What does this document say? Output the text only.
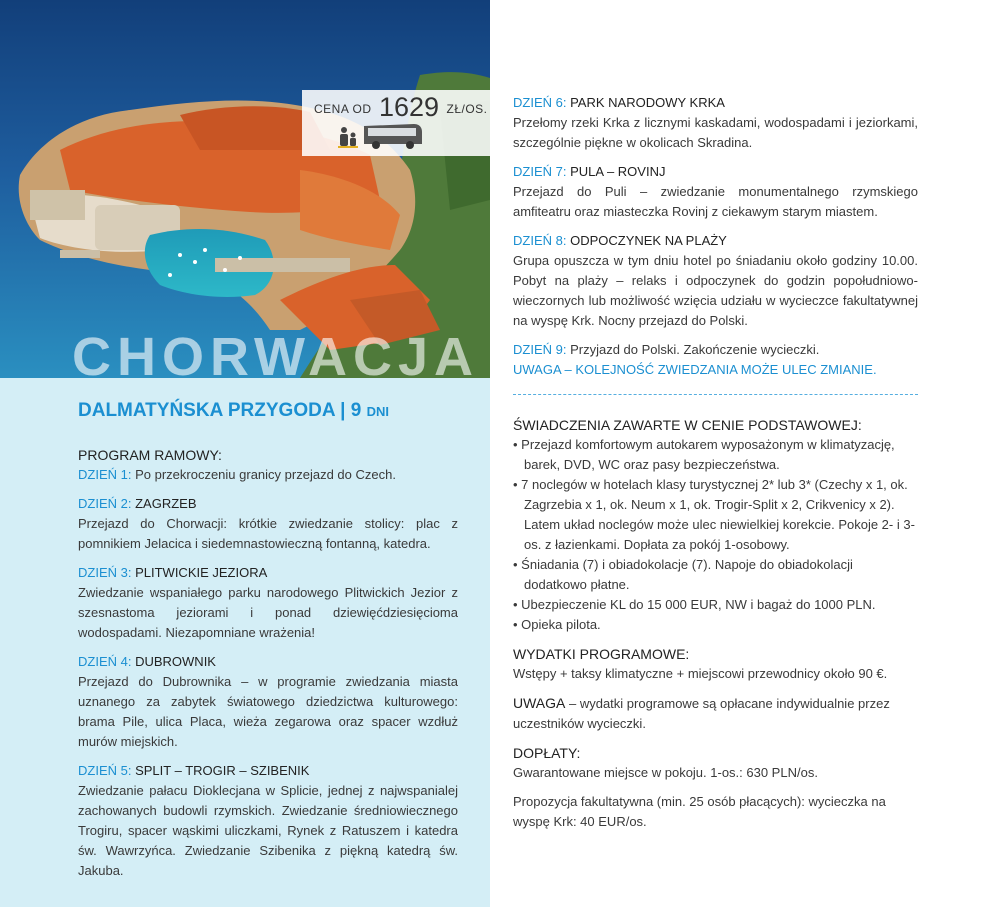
CENA OD 1629 ZŁ/OS.
CHORWACJA
DALMATYŃSKA PRZYGODA | 9 DNI
PROGRAM RAMOWY:
DZIEŃ 1: Po przekroczeniu granicy przejazd do Czech.
DZIEŃ 2: ZAGRZEB

Przejazd do Chorwacji: krótkie zwiedzanie stolicy: plac z pomnikiem Jelacica i siedemnastowieczną fontanną, katedra.

DZIEŃ 3: PLITWICKIE JEZIORA

Zwiedzanie wspaniałego parku narodowego Plitwickich Jezior z szesnastoma jeziorami i ponad dziewięćdziesięcioma wodospadami. Niezapomniane wrażenia!

DZIEŃ 4: DUBROWNIK

Przejazd do Dubrownika – w programie zwiedzania miasta uznanego za zabytek światowego dziedzictwa kulturowego: brama Pile, ulica Placa, wieża zegarowa oraz spacer wzdłuż murów miejskich.

DZIEŃ 5: SPLIT – TROGIR – SZIBENIK

Zwiedzanie pałacu Dioklecjana w Splicie, jednej z najwspanialej zachowanych budowli rzymskich. Zwiedzanie średniowiecznego Trogiru, spacer wąskimi uliczkami, Rynek z Ratuszem i katedra św. Wawrzyńca. Zwiedzanie Szibenika z piękną katedrą św. Jakuba.

DZIEŃ 6: PARK NARODOWY KRKA

Przełomy rzeki Krka z licznymi kaskadami, wodospadami i jeziorkami, szczególnie piękne w okolicach Skradina.

DZIEŃ 7: PULA – ROVINJ

Przejazd do Puli – zwiedzanie monumentalnego rzymskiego amfiteatru oraz miasteczka Rovinj z ciekawym starym miastem.

DZIEŃ 8: ODPOCZYNEK NA PLAŻY

Grupa opuszcza w tym dniu hotel po śniadaniu około godziny 10.00. Pobyt na plaży – relaks i odpoczynek do godzin popołudniowo-wieczornych lub możliwość wzięcia udziału w wycieczce fakultatywnej na wyspę Krk. Nocny przejazd do Polski.

DZIEŃ 9: Przyjazd do Polski. Zakończenie wycieczki.
UWAGA – KOLEJNOŚĆ ZWIEDZANIA MOŻE ULEC ZMIANIE.
ŚWIADCZENIA ZAWARTE W CENIE PODSTAWOWEJ:
• Przejazd komfortowym autokarem wyposażonym w klimatyzację, barek, DVD, WC oraz pasy bezpieczeństwa.
• 7 noclegów w hotelach klasy turystycznej 2* lub 3* (Czechy x 1, ok. Zagrzebia x 1, ok. Neum x 1, ok. Trogir-Split x 2, Crikvenicy x 2). Latem układ noclegów może ulec niewielkiej korekcie. Pokoje 2- i 3-os. z łazienkami. Dopłata za pokój 1-osobowy.
• Śniadania (7) i obiadokolacje (7). Napoje do obiadokolacji dodatkowo płatne.
• Ubezpieczenie KL do 15 000 EUR, NW i bagaż do 1000 PLN.
• Opieka pilota.
WYDATKI PROGRAMOWE:

Wstępy + taksy klimatyczne + miejscowi przewodnicy około 90 €.

UWAGA – wydatki programowe są opłacane indywidualnie przez uczestników wycieczki.

DOPŁATY:

Gwarantowane miejsce w pokoju. 1-os.: 630 PLN/os.

Propozycja fakultatywna (min. 25 osób płacących): wycieczka na wyspę Krk: 40 EUR/os.
